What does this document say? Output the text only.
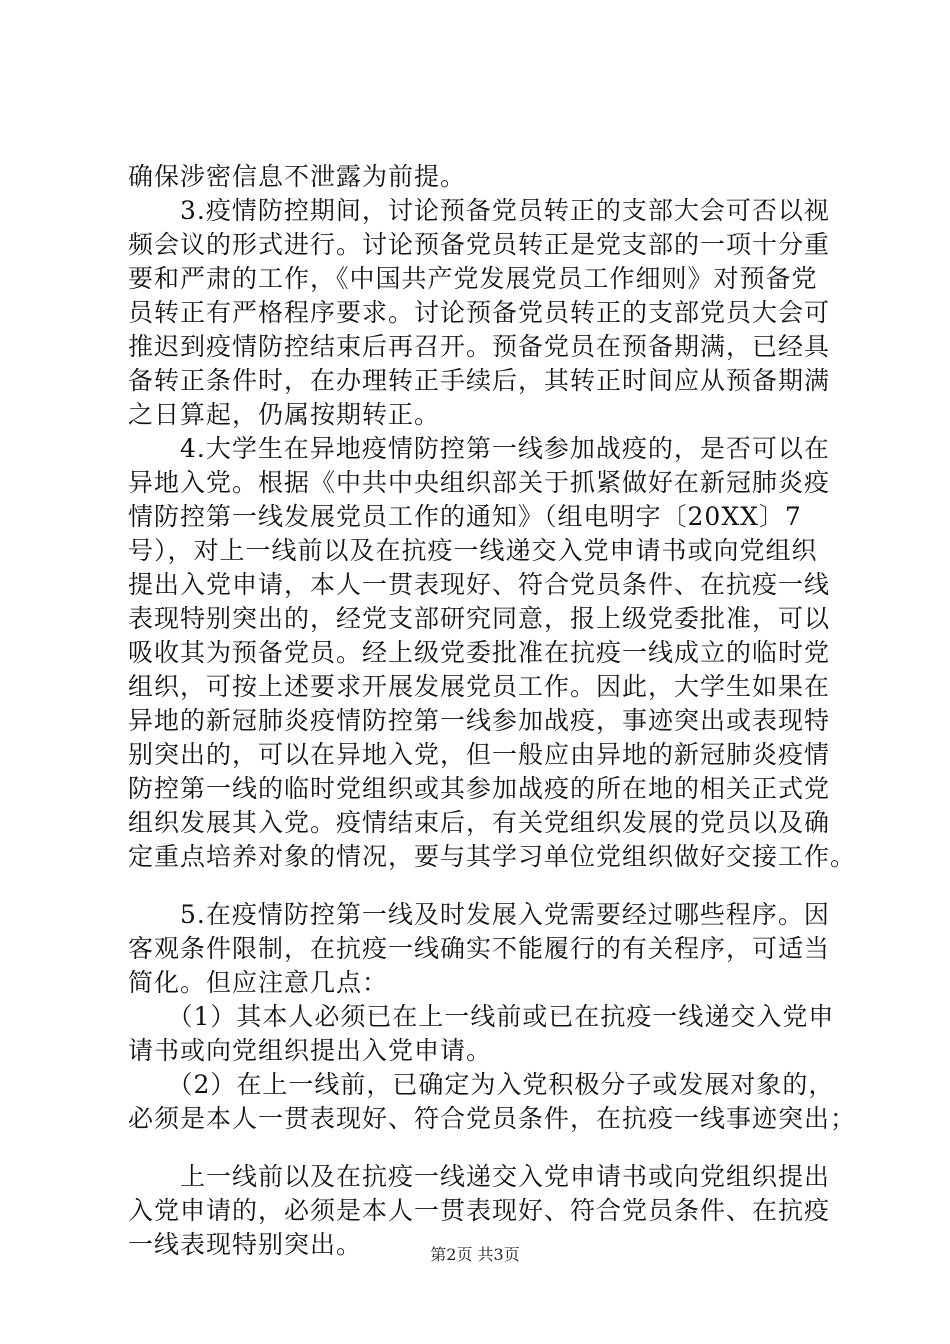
确保涉密信息不泄露为前提。
　　3.疫情防控期间，讨论预备党员转正的支部大会可否以视
频会议的形式进行。讨论预备党员转正是党支部的一项十分重
要和严肃的工作，《中国共产党发展党员工作细则》对预备党
员转正有严格程序要求。讨论预备党员转正的支部党员大会可
推迟到疫情防控结束后再召开。预备党员在预备期满，已经具
备转正条件时，在办理转正手续后，其转正时间应从预备期满
之日算起，仍属按期转正。
　　4.大学生在异地疫情防控第一线参加战疫的，是否可以在
异地入党。根据《中共中央组织部关于抓紧做好在新冠肺炎疫
情防控第一线发展党员工作的通知》（组电明字〔20XX〕7
号），对上一线前以及在抗疫一线递交入党申请书或向党组织
提出入党申请，本人一贯表现好、符合党员条件、在抗疫一线
表现特别突出的，经党支部研究同意，报上级党委批准，可以
吸收其为预备党员。经上级党委批准在抗疫一线成立的临时党
组织，可按上述要求开展发展党员工作。因此，大学生如果在
异地的新冠肺炎疫情防控第一线参加战疫，事迹突出或表现特
别突出的，可以在异地入党，但一般应由异地的新冠肺炎疫情
防控第一线的临时党组织或其参加战疫的所在地的相关正式党
组织发展其入党。疫情结束后，有关党组织发展的党员以及确
定重点培养对象的情况，要与其学习单位党组织做好交接工作。
　　5.在疫情防控第一线及时发展入党需要经过哪些程序。因
客观条件限制，在抗疫一线确实不能履行的有关程序，可适当
简化。但应注意几点：
　　（1）其本人必须已在上一线前或已在抗疫一线递交入党申
请书或向党组织提出入党申请。
　　（2）在上一线前，已确定为入党积极分子或发展对象的，
必须是本人一贯表现好、符合党员条件，在抗疫一线事迹突出；
　　上一线前以及在抗疫一线递交入党申请书或向党组织提出
入党申请的，必须是本人一贯表现好、符合党员条件、在抗疫
一线表现特别突出。	第2页 共3页
